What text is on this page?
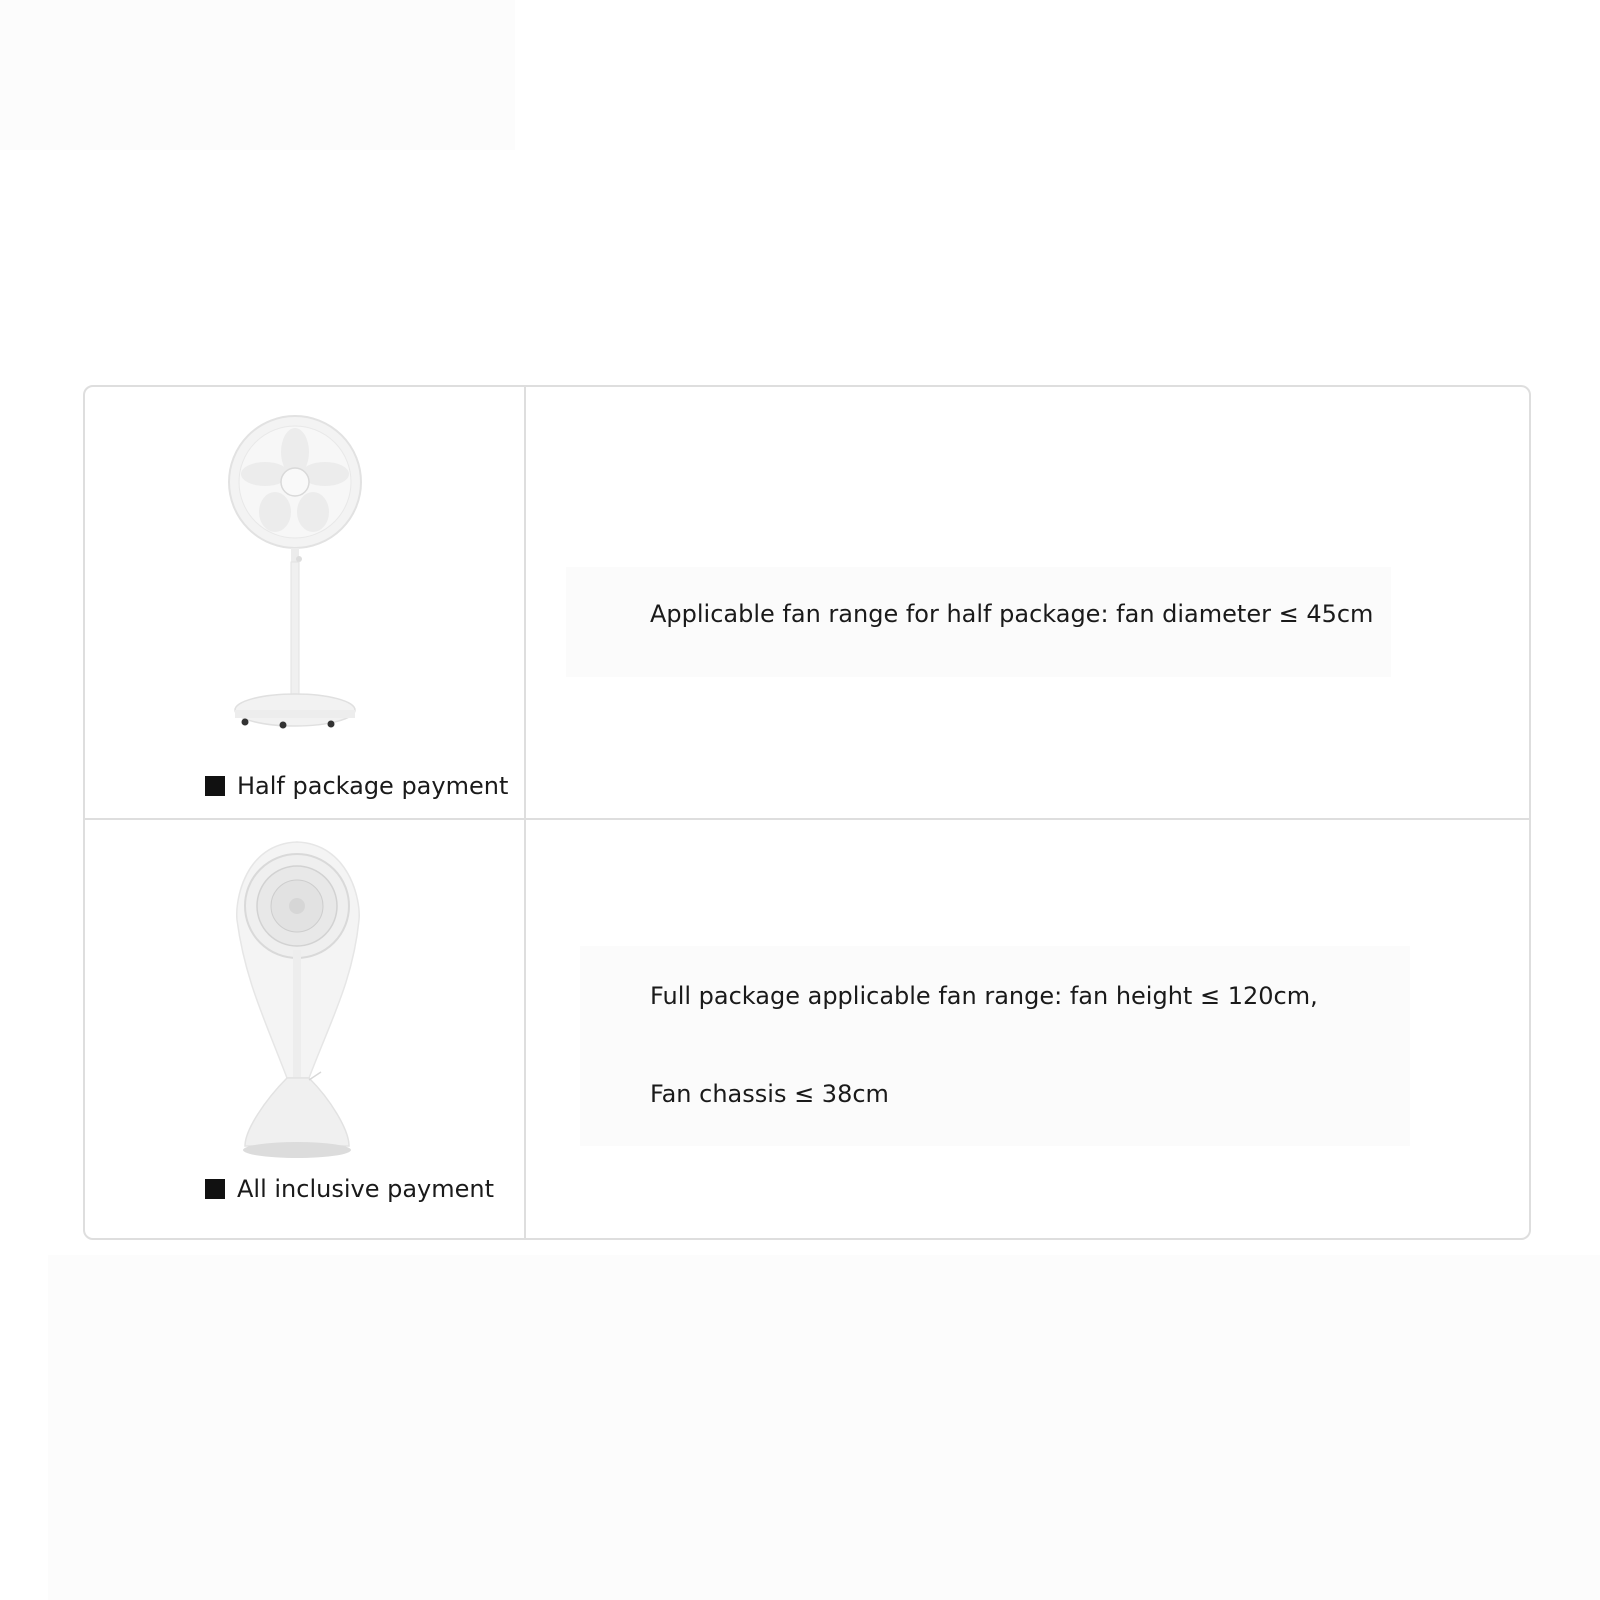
Half package payment
Applicable fan range for half package: fan diameter ≤ 45cm
All inclusive payment
Full package applicable fan range: fan height ≤ 120cm,
Fan chassis ≤ 38cm
